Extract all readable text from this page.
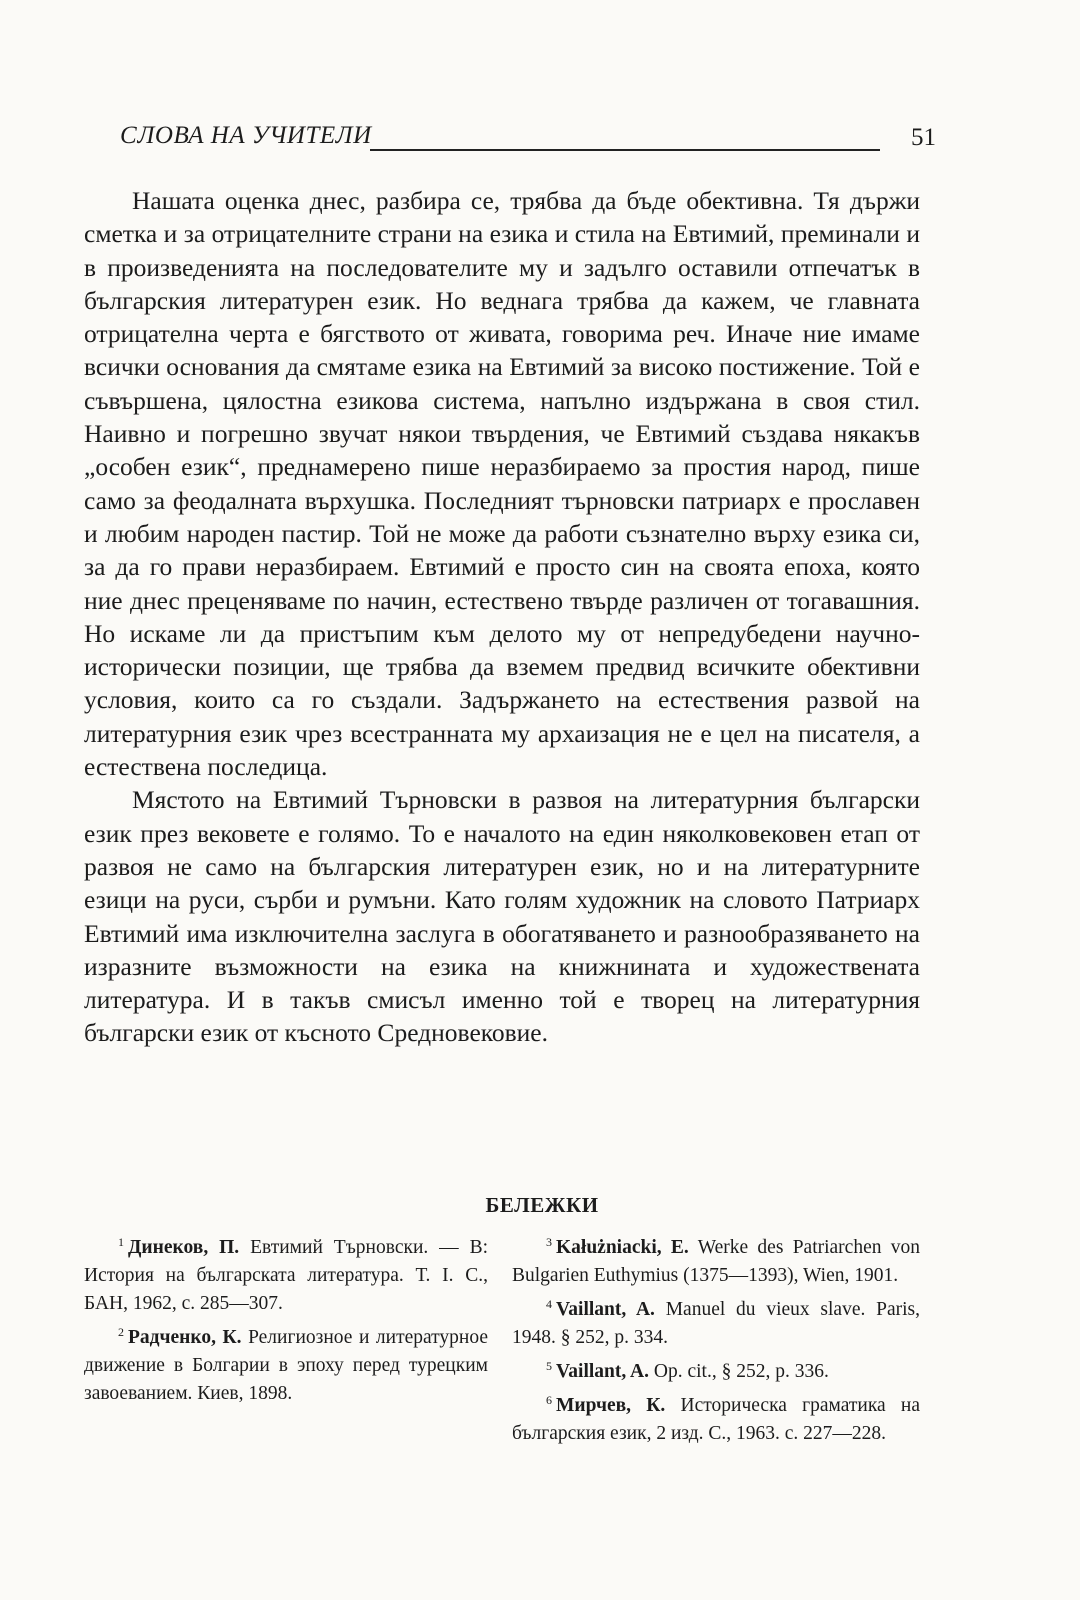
СЛОВА НА УЧИТЕЛИ	51

Нашата оценка днес, разбира се, трябва да бъде обективна. Тя държи сметка и за отрицателните страни на езика и стила на Евтимий, преминали и в произведенията на последователите му и задълго оставили отпечатък в българския литературен език. Но веднага трябва да кажем, че главната отрицателна черта е бягството от живата, говорима реч. Иначе ние имаме всички основания да смятаме езика на Евтимий за високо постижение. Той е съвършена, цялостна езикова система, напълно издържана в своя стил. Наивно и погрешно звучат някои твърдения, че Евтимий създава някакъв „особен език“, преднамерено пише неразбираемо за простия народ, пише само за феодалната върхушка. Последният търновски патриарх е прославен и любим народен пастир. Той не може да работи съзнателно върху езика си, за да го прави неразбираем. Евтимий е просто син на своята епоха, която ние днес преценяваме по начин, естествено твърде различен от тогавашния. Но искаме ли да пристъпим към делото му от непредубедени научно-исторически позиции, ще трябва да вземем предвид всичките обективни условия, които са го създали. Задържането на естествения развой на литературния език чрез всестранната му архаизация не е цел на писателя, а естествена последица.

Мястото на Евтимий Търновски в развоя на литературния български език през вековете е голямо. То е началото на един няколковековен етап от развоя не само на българския литературен език, но и на литературните езици на руси, сърби и румъни. Като голям художник на словото Патриарх Евтимий има изключителна заслуга в обогатяването и разнообразяването на изразните възможности на езика на книжнината и художествената литература. И в такъв смисъл именно той е творец на литературния български език от късното Средновековие.

БЕЛЕЖКИ

$^1$ Динеков, П. Евтимий Търновски. — В: История на българската литература. Т. I. С., БАН, 1962, с. 285—307.

$^2$ Радченко, К. Религиозное и литературное движение в Болгарии в эпоху перед турецким завоеванием. Киев, 1898.

$^3$ Kałużniacki, E. Werke des Patriarchen von Bulgarien Euthymius (1375—1393), Wien, 1901.

$^4$ Vaillant, A. Manuel du vieux slave. Paris, 1948. § 252, p. 334.

$^5$ Vaillant, A. Op. cit., § 252, p. 336.

$^6$ Мирчев, К. Историческа граматика на българския език, 2 изд. С., 1963. с. 227—228.
